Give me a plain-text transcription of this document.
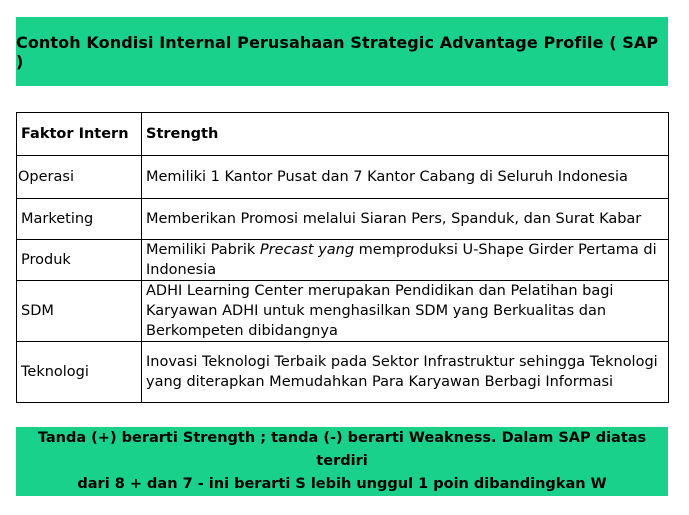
Contoh Kondisi Internal Perusahaan Strategic Advantage Profile ( SAP )
Faktor Intern	Strength
Operasi	Memiliki 1 Kantor Pusat dan 7 Kantor Cabang di Seluruh Indonesia
Marketing	Memberikan Promosi melalui Siaran Pers, Spanduk, dan Surat Kabar
Produk	Memiliki Pabrik Precast yang memproduksi U-Shape Girder Pertama di Indonesia

SDM	ADHI Learning Center merupakan Pendidikan dan Pelatihan bagi Karyawan ADHI untuk menghasilkan SDM yang Berkualitas dan Berkompeten dibidangnya
Teknologi	Inovasi Teknologi Terbaik pada Sektor Infrastruktur sehingga Teknologi yang diterapkan Memudahkan Para Karyawan Berbagi Informasi
Tanda (+) berarti Strength ; tanda (-) berarti Weakness. Dalam SAP diatas terdiri
dari 8 + dan 7 - ini berarti S lebih unggul 1 poin dibandingkan W
